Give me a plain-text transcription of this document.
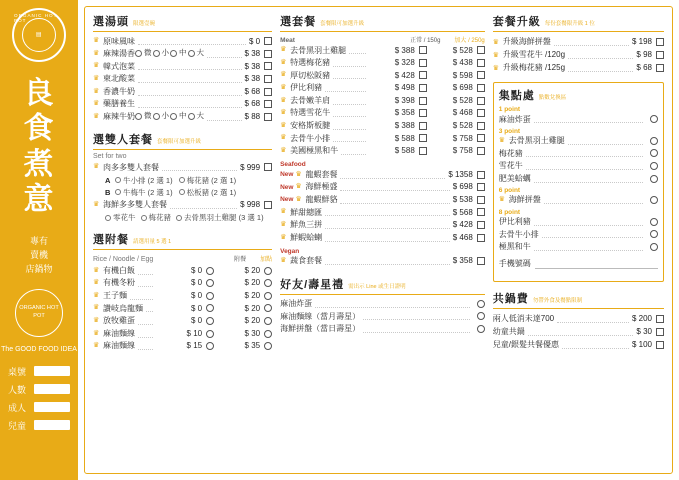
ORGANIC HOT POT
▤
良
食
煮
意
專有
賣機
店鍋物
ORGANIC HOT POT
The GOOD FOOD IDEA
桌號
人數
成人
兒童
選湯頭 限選壹碗
♛ 原味風味	$ 0
♛ 麻辣湯香 微 小 中 大	$ 38
♛ 韓式泡菜	$ 38
♛ 柬北酸菜	$ 38
♛ 香濃牛奶	$ 68
♛ 藥膳養生	$ 68
♛ 麻辣牛奶 微 小 中 大	$ 88
選雙人套餐 套餐限可加選升級
Set for two
♛ 肉多多雙人套餐	$ 999
A	牛小排 (2 選 1) 梅花豬 (2 選 1)
B	牛梅牛 (2 選 1) 松板豬 (2 選 1)
♛ 海鮮多多雙人套餐	$ 998
零花牛 梅花豬 去骨黑羽土雞腿 (3 選 1)
選附餐 請選用量 5 選 1
Rice / Noodle / Egg	附餐 加點
♛ 有機白飯	$ 0	$ 20
♛ 有機冬粉	$ 0	$ 20
♛ 王子麵	$ 0	$ 20
♛ 讚岐烏龍麵	$ 0	$ 20
♛ 放牧雞蛋	$ 0	$ 20
♛ 麻油麵線	$ 10	$ 30
♛ 麻油麵線	$ 15	$ 35
選套餐 套餐限可加選升級
Meat	正常 / 150g 加大 / 250g
♛ 去骨黑羽土雞腿	$ 388	$ 528
♛ 特選梅花豬	$ 328	$ 438
♛ 厚切松阪豬	$ 428	$ 598
♛ 伊比利豬	$ 498	$ 698
♛ 去骨嫩羊肩	$ 398	$ 528
♛ 特選雪花牛	$ 358	$ 468
♛ 安格斯板腱	$ 388	$ 528
♛ 去骨牛小排	$ 588	$ 758
♛ 美國極黑和牛	$ 588	$ 758
Seafood
New ♛ 龍蝦套餐	$ 1358
New ♛ 海鮮極盛	$ 698
New ♛ 龍蝦鮮貉	$ 538
♛ 鮮甜總匯	$ 568
♛ 鮮魚三拼	$ 428
♛ 鮮蝦蛤蝲	$ 468
Vegan
♛ 蔬食套餐	$ 358
好友/壽星禮 需出示 Line 或生日證明
麻油炸蛋
麻油麵線（當月壽星）
海鮮拼盤（當日壽星）
套餐升級 每份套餐限升級 1 位
♛ 升級海鮮拼盤	$ 198
♛ 升級雪花牛 /120g	$ 98
♛ 升級梅花豬 /125g	$ 68
集點處 點數兌換區
1 point
麻油炸蛋
3 point
♛ 去骨黑羽土雞腿
梅花豬
雪花牛
肥美蛤蠣
6 point
♛ 海鮮拼盤
8 point
伊比利豬
去骨牛小排
極黑和牛
手機號碼
共鍋費 勿帶外食及餐點限制
兩人低消未達700	$ 200
幼童共鍋	$ 30
兒童/銀髮共餐優惠	$ 100
